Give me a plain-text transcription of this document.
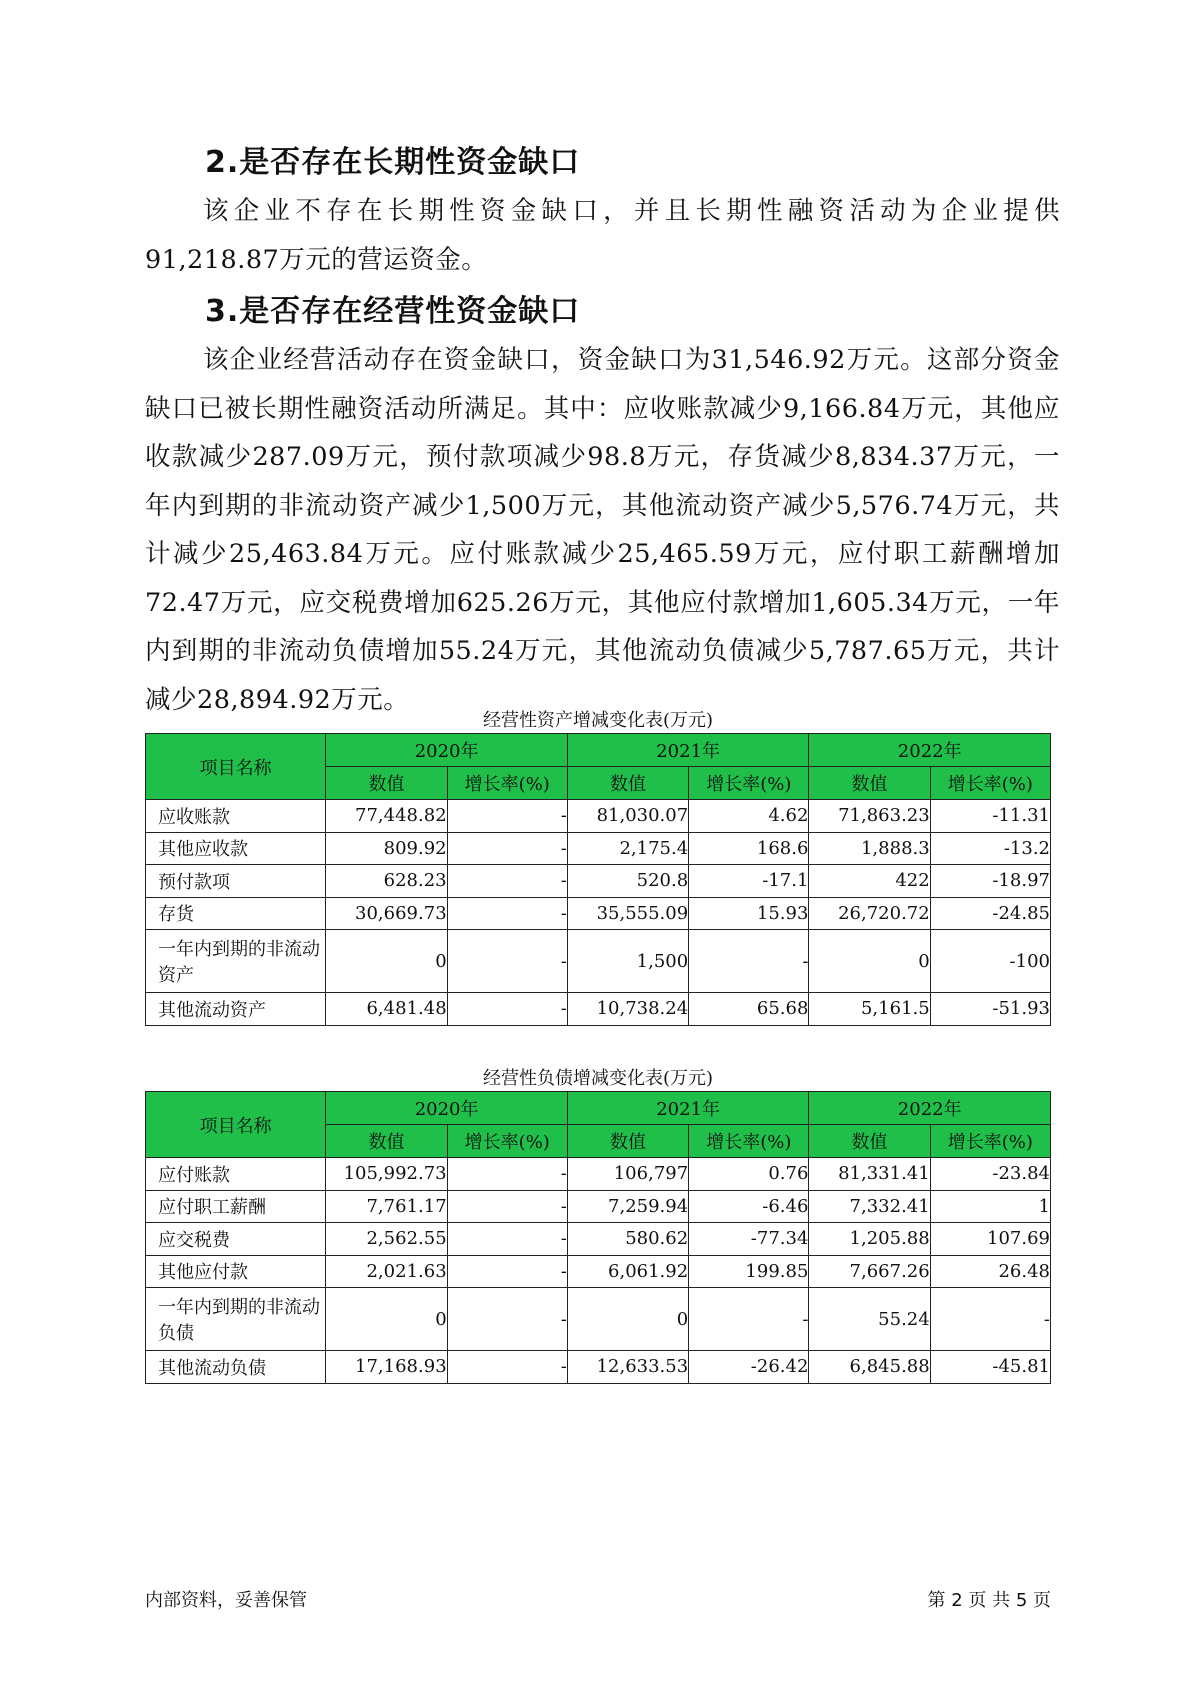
2.是否存在长期性资金缺口
该企业不存在长期性资金缺口，并且长期性融资活动为企业提供91,218.87万元的营运资金。
3.是否存在经营性资金缺口
该企业经营活动存在资金缺口，资金缺口为31,546.92万元。这部分资金缺口已被长期性融资活动所满足。其中：应收账款减少9,166.84万元，其他应收款减少287.09万元，预付款项减少98.8万元，存货减少8,834.37万元，一年内到期的非流动资产减少1,500万元，其他流动资产减少5,576.74万元，共计减少25,463.84万元。应付账款减少25,465.59万元，应付职工薪酬增加72.47万元，应交税费增加625.26万元，其他应付款增加1,605.34万元，一年内到期的非流动负债增加55.24万元，其他流动负债减少5,787.65万元，共计减少28,894.92万元。
经营性资产增减变化表(万元)
项目名称	2020年		2021年		2022年	
	数值	增长率(%)	数值	增长率(%)	数值	增长率(%)
应收账款	77,448.82	-	81,030.07	4.62	71,863.23	-11.31
其他应收款	809.92	-	2,175.4	168.6	1,888.3	-13.2
预付款项	628.23	-	520.8	-17.1	422	-18.97
存货	30,669.73	-	35,555.09	15.93	26,720.72	-24.85
一年内到期的非流动资产	0	-	1,500	-	0	-100
其他流动资产	6,481.48	-	10,738.24	65.68	5,161.5	-51.93
经营性负债增减变化表(万元)
项目名称	2020年		2021年		2022年	
	数值	增长率(%)	数值	增长率(%)	数值	增长率(%)
应付账款	105,992.73	-	106,797	0.76	81,331.41	-23.84
应付职工薪酬	7,761.17	-	7,259.94	-6.46	7,332.41	1
应交税费	2,562.55	-	580.62	-77.34	1,205.88	107.69
其他应付款	2,021.63	-	6,061.92	199.85	7,667.26	26.48
一年内到期的非流动负债	0	-	0	-	55.24	-
其他流动负债	17,168.93	-	12,633.53	-26.42	6,845.88	-45.81
内部资料，妥善保管	第 2 页 共 5 页
